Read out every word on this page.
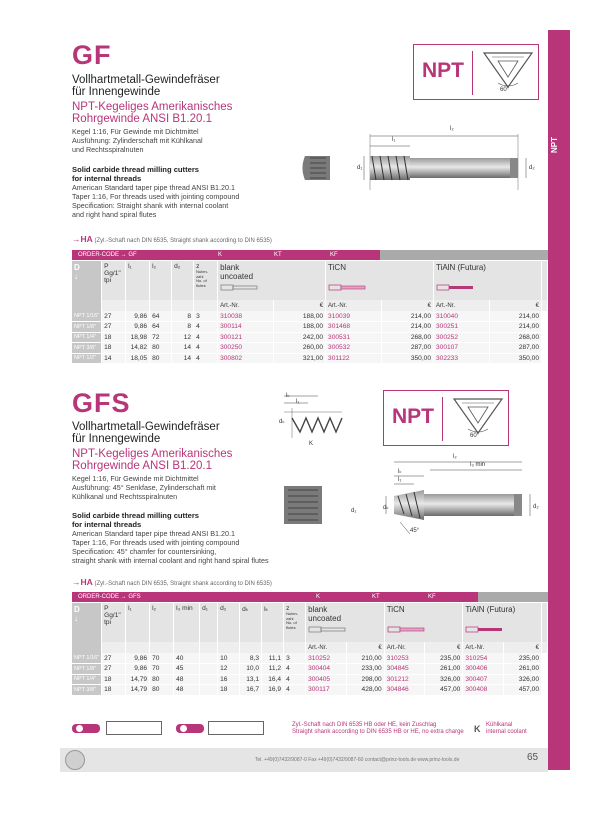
NPT
GF
Vollhartmetall-Gewindefräser
für Innengewinde
NPT-Kegeliges Amerikanisches
Rohrgewinde ANSI B1.20.1
Kegel 1:16, Für Gewinde mit Dichtmittel
Ausführung: Zylinderschaft mit Kühlkanal
und Rechtsspiralnuten
Solid carbide thread milling cutters
for internal threads
American Standard taper pipe thread ANSI B1.20.1
Taper 1:16, For threads used with jointing compound
Specification: Straight shank with internal coolant
and right hand spiral flutes
NPT
60°
l₂
l₁
d₁	d₂
→HA (Zyl.-Schaft nach DIN 6535, Straight shank according to DIN 6535)
ORDER-CODE → GF	K	KT	KF
D
↓	P
Gg/1"
tpi	l₁	l₂	d₂	z

Nuten-
zahl
No. of
flutes	blank
uncoated		TiCN		TiAlN (Futura)	

						Art.-Nr.	€	Art.-Nr.	€	Art.-Nr.	€	
NPT 1/16"	27	9,86	64	8	3	310038	188,00	310039	214,00	310040	214,00	
NPT 1/8"	27	9,86	64	8	4	300114	188,00	301468	214,00	300251	214,00	
NPT 1/4"	18	18,98	72	12	4	300121	242,00	300531	268,00	300252	268,00	
NPT 3/8"	18	14,82	80	14	4	300250	260,00	300532	287,00	300107	287,00	
NPT 1/2"	14	18,05	80	14	4	300802	321,00	301122	350,00	302233	350,00	
GFS
Vollhartmetall-Gewindefräser
für Innengewinde
NPT-Kegeliges Amerikanisches
Rohrgewinde ANSI B1.20.1
Kegel 1:16, Für Gewinde mit Dichtmittel
Ausführung: 45° Senkfase, Zylinderschaft mit
Kühlkanal und Rechtsspiralnuten
Solid carbide thread milling cutters
for internal threads
American Standard taper pipe thread ANSI B1.20.1
Taper 1:16, For threads used with jointing compound
Specification: 45° chamfer for countersinking,
straight shank with internal coolant and right hand spiral flutes
NPT
60°
lₖ
l₁
dₖ
K
l₂
l₃ min
lₖ
l₁
dₖ
d₁
d₂
45°
→HA (Zyl.-Schaft nach DIN 6535, Straight shank according to DIN 6535)
ORDER-CODE → GFS	K	KT	KF
D
↓	P
Gg/1"
tpi	l₁	l₂	l₃ min	d₁	d₂	dₖ	lₖ	z

Nuten-
zahl
No. of
flutes	blank
uncoated		TiCN		TiAlN (Futura)	

										Art.-Nr.	€	Art.-Nr.	€	Art.-Nr.	€	
NPT 1/16"	27	9,86	70	40		10	8,3	11,1	3	310252	210,00	310253	235,00	310254	235,00	
NPT 1/8"	27	9,86	70	45		12	10,0	11,2	4	300404	233,00	304845	261,00	300406	261,00	
NPT 1/4"	18	14,79	80	48		16	13,1	16,4	4	300405	298,00	301212	326,00	300407	326,00	
NPT 3/8"	18	14,79	80	48		18	16,7	16,9	4	300117	428,00	304846	457,00	300408	457,00	
HB	HE	Zyl.-Schaft nach DIN 6535 HB oder HE, kein Zuschlag
Straight shank according to DIN 6535 HB or HE, no extra charge K Kühlkanal
internal coolant
Tel. +49(0)7432/9087-0 Fax +49(0)7432/9087-60 contact@prinz-tools.de www.prinz-tools.de	65
